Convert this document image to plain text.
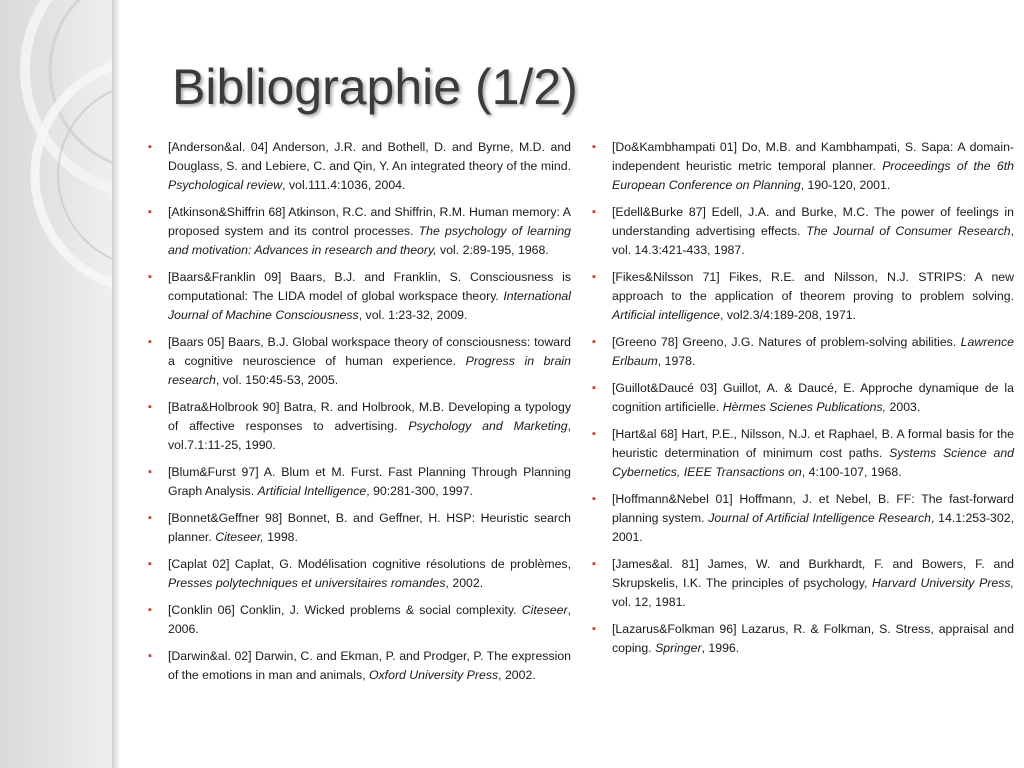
Bibliographie (1/2)
▪ [Anderson&al. 04] Anderson, J.R. and Bothell, D. and Byrne, M.D. and Douglass, S. and Lebiere, C. and Qin, Y. An integrated theory of the mind. Psychological review, vol.111.4:1036, 2004.
▪ [Atkinson&Shiffrin 68] Atkinson, R.C. and Shiffrin, R.M. Human memory: A proposed system and its control processes. The psychology of learning and motivation: Advances in research and theory, vol. 2:89-195, 1968.
▪ [Baars&Franklin 09] Baars, B.J. and Franklin, S. Consciousness is computational: The LIDA model of global workspace theory. International Journal of Machine Consciousness, vol. 1:23-32, 2009.
▪ [Baars 05] Baars, B.J. Global workspace theory of consciousness: toward a cognitive neuroscience of human experience. Progress in brain research, vol. 150:45-53, 2005.
▪ [Batra&Holbrook 90] Batra, R. and Holbrook, M.B. Developing a typology of affective responses to advertising. Psychology and Marketing, vol.7.1:11-25, 1990.
▪ [Blum&Furst 97] A. Blum et M. Furst. Fast Planning Through Planning Graph Analysis. Artificial Intelligence, 90:281-300, 1997.
▪ [Bonnet&Geffner 98] Bonnet, B. and Geffner, H. HSP: Heuristic search planner. Citeseer, 1998.
▪ [Caplat 02] Caplat, G. Modélisation cognitive résolutions de problèmes, Presses polytechniques et universitaires romandes, 2002.
▪ [Conklin 06] Conklin, J. Wicked problems & social complexity. Citeseer, 2006.
▪ [Darwin&al. 02] Darwin, C. and Ekman, P. and Prodger, P. The expression of the emotions in man and animals, Oxford University Press, 2002.
▪ [Do&Kambhampati 01] Do, M.B. and Kambhampati, S. Sapa: A domain-independent heuristic metric temporal planner. Proceedings of the 6th European Conference on Planning, 190-120, 2001.
▪ [Edell&Burke 87] Edell, J.A. and Burke, M.C. The power of feelings in understanding advertising effects. The Journal of Consumer Research, vol. 14.3:421-433, 1987.
▪ [Fikes&Nilsson 71] Fikes, R.E. and Nilsson, N.J. STRIPS: A new approach to the application of theorem proving to problem solving. Artificial intelligence, vol2.3/4:189-208, 1971.
▪ [Greeno 78] Greeno, J.G. Natures of problem-solving abilities. Lawrence Erlbaum, 1978.
▪ [Guillot&Daucé 03] Guillot, A. & Daucé, E. Approche dynamique de la cognition artificielle. Hèrmes Scienes Publications, 2003.
▪ [Hart&al 68] Hart, P.E., Nilsson, N.J. et Raphael, B. A formal basis for the heuristic determination of minimum cost paths. Systems Science and Cybernetics, IEEE Transactions on, 4:100-107, 1968.
▪ [Hoffmann&Nebel 01] Hoffmann, J. et Nebel, B. FF: The fast-forward planning system. Journal of Artificial Intelligence Research, 14.1:253-302, 2001.
▪ [James&al. 81] James, W. and Burkhardt, F. and Bowers, F. and Skrupskelis, I.K. The principles of psychology, Harvard University Press, vol. 12, 1981.
▪ [Lazarus&Folkman 96] Lazarus, R. & Folkman, S. Stress, appraisal and coping. Springer, 1996.
